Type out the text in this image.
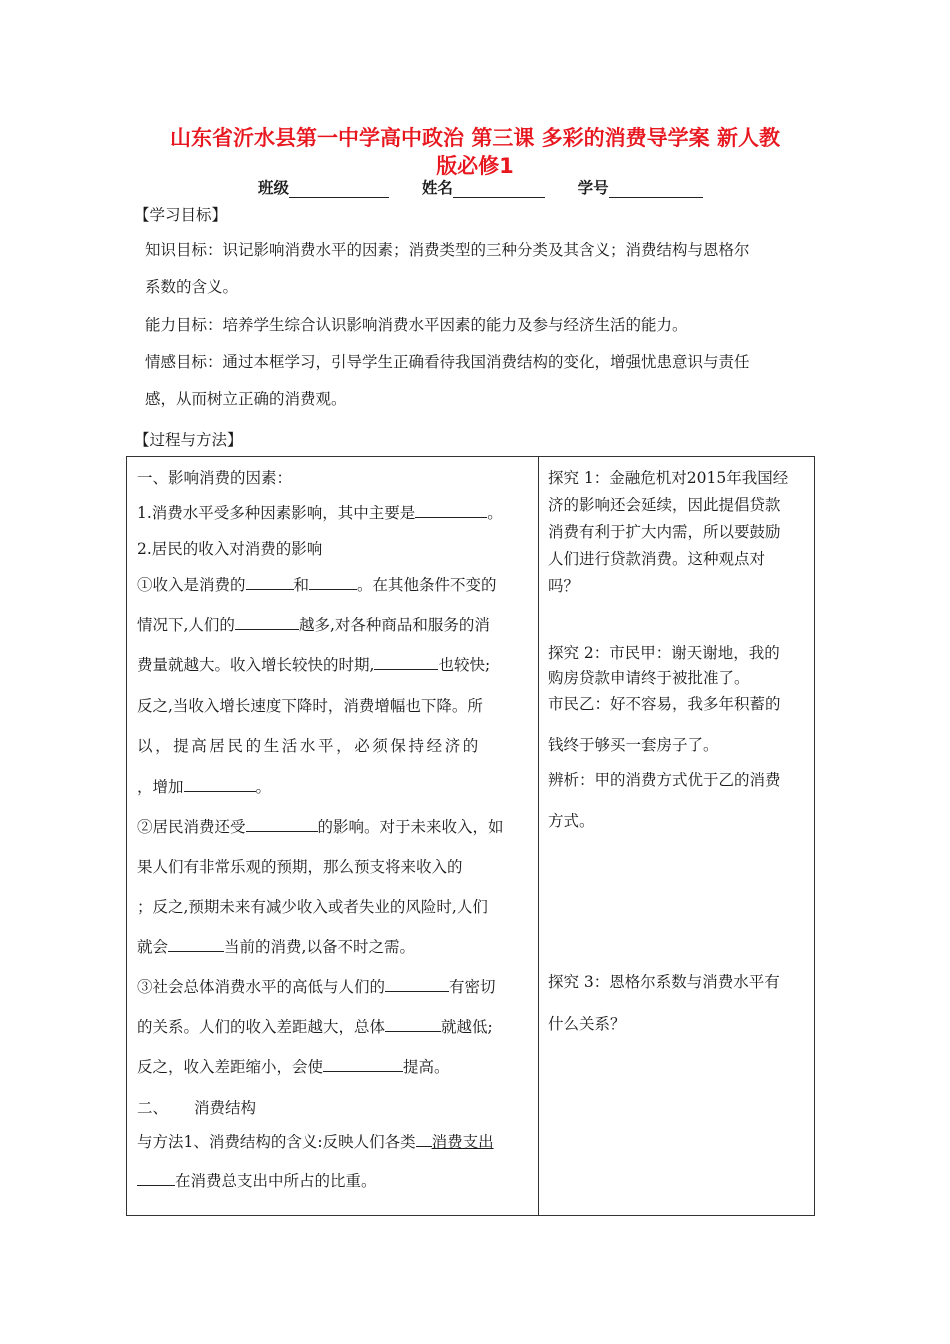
山东省沂水县第一中学高中政治 第三课 多彩的消费导学案 新人教
版必修1
班级	姓名	学号
【学习目标】
知识目标：识记影响消费水平的因素；消费类型的三种分类及其含义；消费结构与恩格尔
系数的含义。
能力目标：培养学生综合认识影响消费水平因素的能力及参与经济生活的能力。
情感目标：通过本框学习，引导学生正确看待我国消费结构的变化，增强忧患意识与责任
感，从而树立正确的消费观。
【过程与方法】
一、影响消费的因素：
1.消费水平受多种因素影响，其中主要是	。
2.居民的收入对消费的影响
①收入是消费的	和	。在其他条件不变的
情况下,人们的	越多,对各种商品和服务的消
费量就越大。收入增长较快的时期,	也较快;
反之,当收入增长速度下降时，消费增幅也下降。所
以，提高居民的生活水平，必须保持经济的
，增加	。
②居民消费还受	的影响。对于未来收入，如
果人们有非常乐观的预期，那么预支将来收入的
；反之,预期未来有减少收入或者失业的风险时,人们
就会	当前的消费,以备不时之需。
③社会总体消费水平的高低与人们的	有密切
的关系。人们的收入差距越大，总体	就越低;
反之，收入差距缩小，会使	提高。
二、 消费结构
与方法1、消费结构的含义:反映人们各类 消费支出
在消费总支出中所占的比重。
探究 1：金融危机对2015年我国经
济的影响还会延续，因此提倡贷款
消费有利于扩大内需，所以要鼓励
人们进行贷款消费。这种观点对
吗？
探究 2：市民甲：谢天谢地，我的
购房贷款申请终于被批准了。
市民乙：好不容易，我多年积蓄的
钱终于够买一套房子了。
辨析：甲的消费方式优于乙的消费
方式。
探究 3：恩格尔系数与消费水平有
什么关系？
